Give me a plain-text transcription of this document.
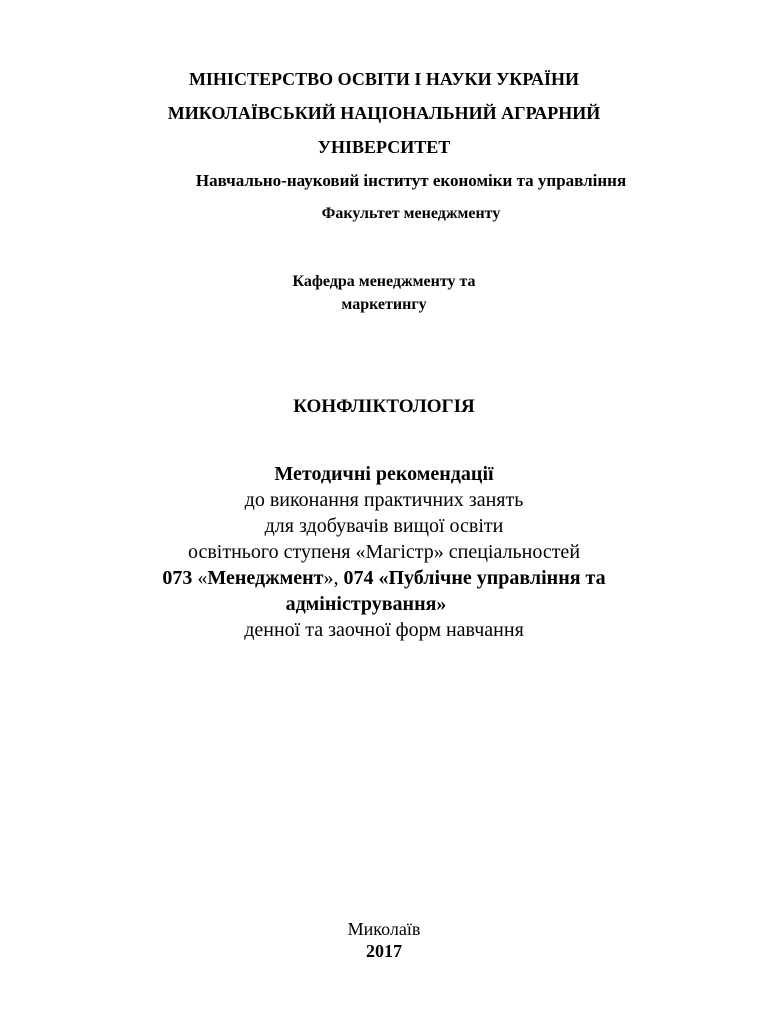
МІНІСТЕРСТВО ОСВІТИ І НАУКИ УКРАЇНИ
МИКОЛАЇВСЬКИЙ НАЦІОНАЛЬНИЙ АГРАРНИЙ
УНІВЕРСИТЕТ
Навчально-науковий інститут економіки та управління
Факультет менеджменту
Кафедра менеджменту та
маркетингу
КОНФЛІКТОЛОГІЯ
Методичні рекомендації
до виконання практичних занять
для здобувачів вищої освіти
освітнього ступеня «Магістр» спеціальностей
073 «Менеджмент», 074 «Публічне управління та
адміністрування»
денної та заочної форм навчання
Миколаїв
2017
